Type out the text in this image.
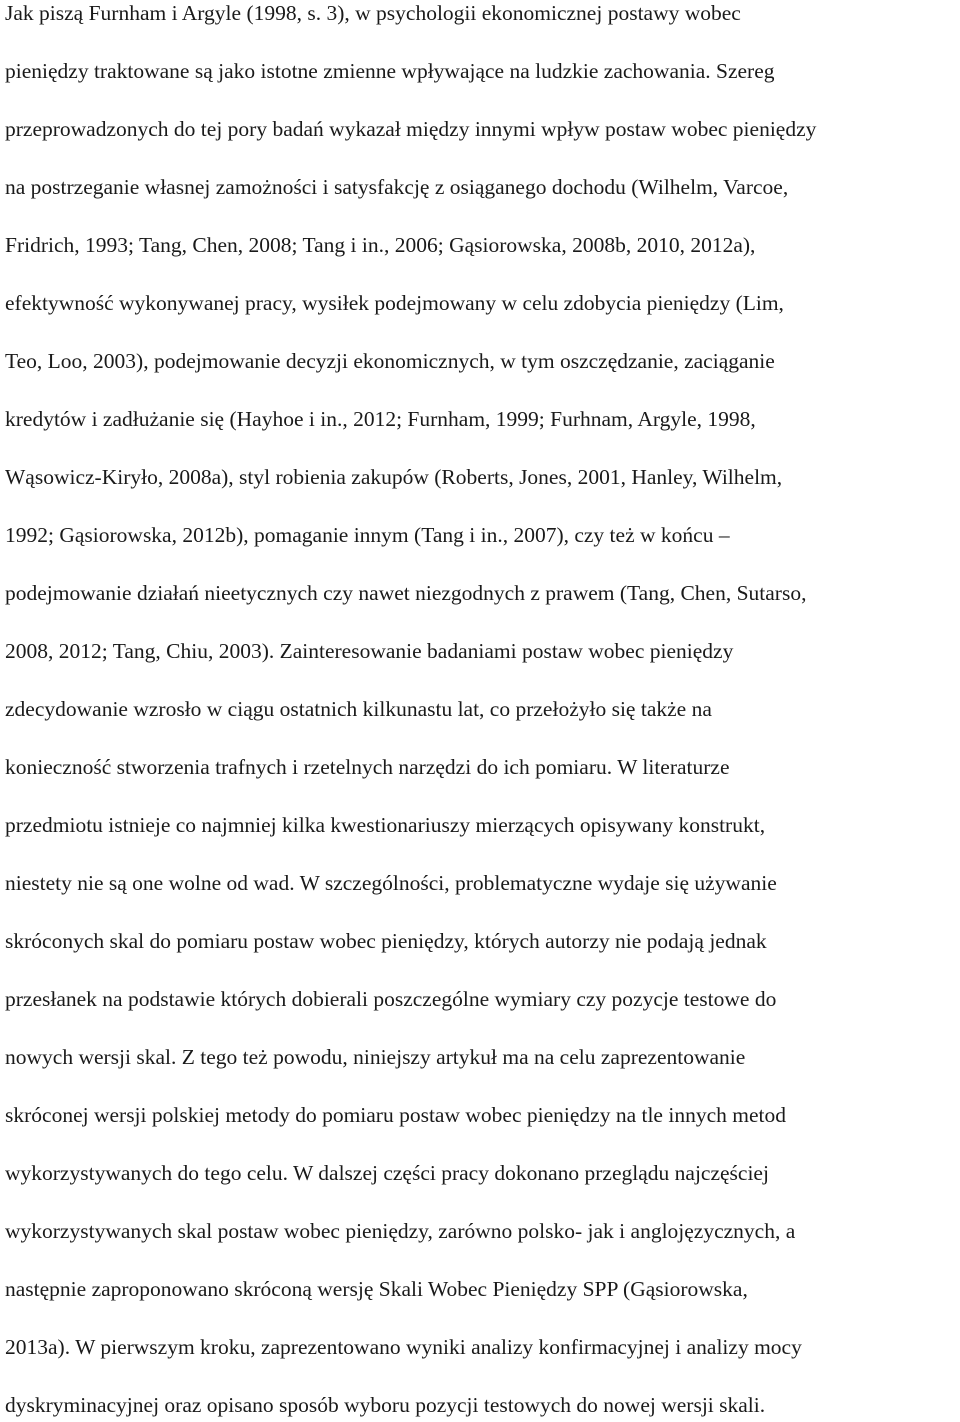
Jak piszą Furnham i Argyle (1998, s. 3), w psychologii ekonomicznej postawy wobec
pieniędzy traktowane są jako istotne zmienne wpływające na ludzkie zachowania. Szereg
przeprowadzonych do tej pory badań wykazał między innymi wpływ postaw wobec pieniędzy
na postrzeganie własnej zamożności i satysfakcję z osiąganego dochodu (Wilhelm, Varcoe,
Fridrich, 1993; Tang, Chen, 2008; Tang i in., 2006; Gąsiorowska, 2008b, 2010, 2012a),
efektywność wykonywanej pracy, wysiłek podejmowany w celu zdobycia pieniędzy (Lim,
Teo, Loo, 2003), podejmowanie decyzji ekonomicznych, w tym oszczędzanie, zaciąganie
kredytów i zadłużanie się (Hayhoe i in., 2012; Furnham, 1999; Furhnam, Argyle, 1998,
Wąsowicz-Kiryło, 2008a), styl robienia zakupów (Roberts, Jones, 2001, Hanley, Wilhelm,
1992; Gąsiorowska, 2012b), pomaganie innym (Tang i in., 2007), czy też w końcu –
podejmowanie działań nieetycznych czy nawet niezgodnych z prawem (Tang, Chen, Sutarso,
2008, 2012; Tang, Chiu, 2003). Zainteresowanie badaniami postaw wobec pieniędzy
zdecydowanie wzrosło w ciągu ostatnich kilkunastu lat, co przełożyło się także na
konieczność stworzenia trafnych i rzetelnych narzędzi do ich pomiaru. W literaturze
przedmiotu istnieje co najmniej kilka kwestionariuszy mierzących opisywany konstrukt,
niestety nie są one wolne od wad. W szczególności, problematyczne wydaje się używanie
skróconych skal do pomiaru postaw wobec pieniędzy, których autorzy nie podają jednak
przesłanek na podstawie których dobierali poszczególne wymiary czy pozycje testowe do
nowych wersji skal. Z tego też powodu, niniejszy artykuł ma na celu zaprezentowanie
skróconej wersji polskiej metody do pomiaru postaw wobec pieniędzy na tle innych metod
wykorzystywanych do tego celu. W dalszej części pracy dokonano przeglądu najczęściej
wykorzystywanych skal postaw wobec pieniędzy, zarówno polsko- jak i anglojęzycznych, a
następnie zaproponowano skróconą wersję Skali Wobec Pieniędzy SPP (Gąsiorowska,
2013a). W pierwszym kroku, zaprezentowano wyniki analizy konfirmacyjnej i analizy mocy
dyskryminacyjnej oraz opisano sposób wyboru pozycji testowych do nowej wersji skali.
